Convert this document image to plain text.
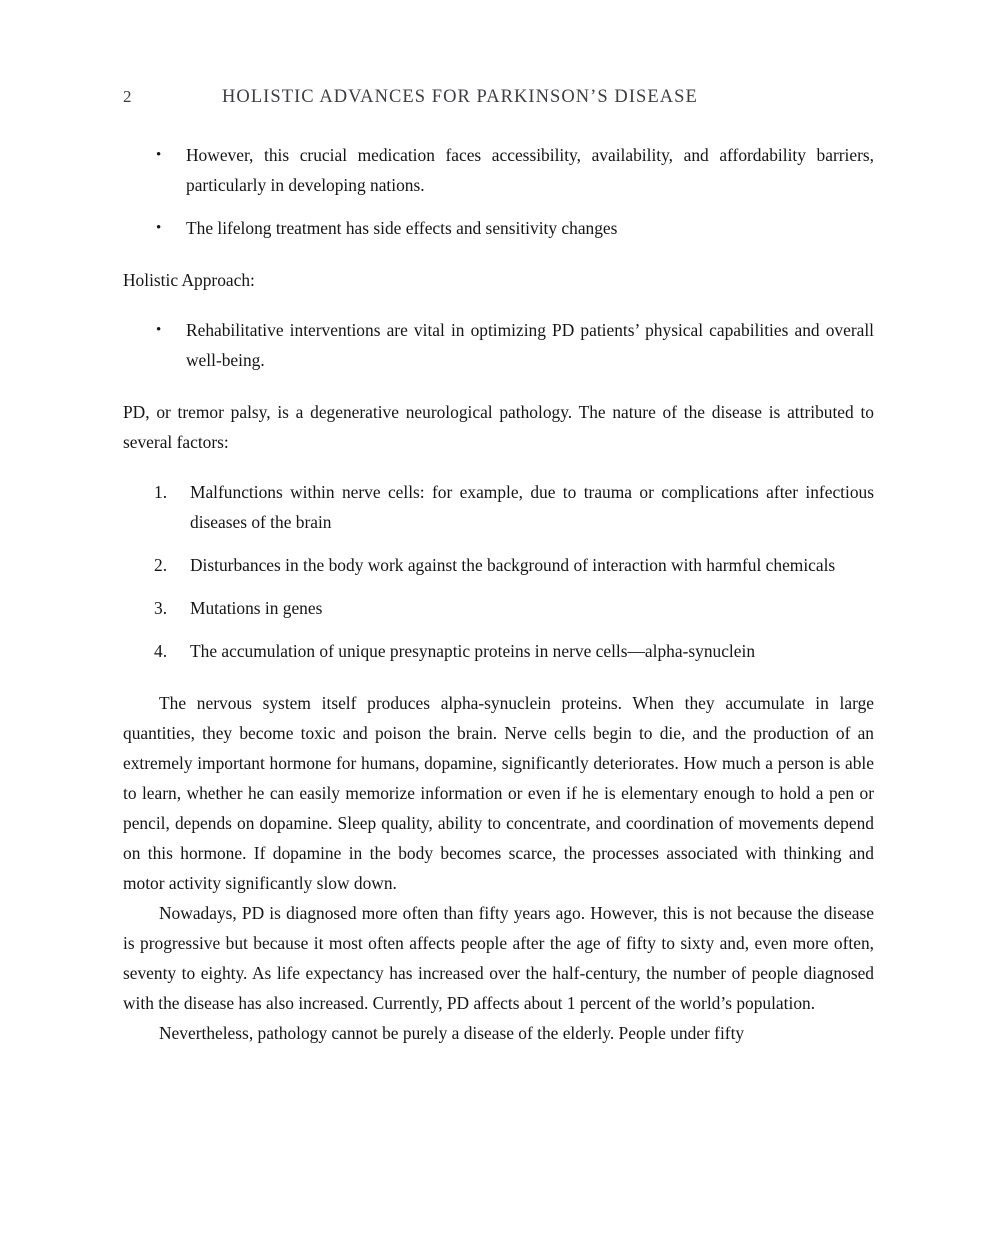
2	HOLISTIC ADVANCES FOR PARKINSON’S DISEASE
•	However, this crucial medication faces accessibility, availability, and affordability barriers, particularly in developing nations.
•	The lifelong treatment has side effects and sensitivity changes

Holistic Approach:

•	Rehabilitative interventions are vital in optimizing PD patients’ physical capabilities and overall well-being.

PD, or tremor palsy, is a degenerative neurological pathology. The nature of the disease is attributed to several factors:

1.	Malfunctions within nerve cells: for example, due to trauma or complications after infectious diseases of the brain
2.	Disturbances in the body work against the background of interaction with harmful chemicals
3.	Mutations in genes
4.	The accumulation of unique presynaptic proteins in nerve cells—alpha-synuclein

The nervous system itself produces alpha-synuclein proteins. When they accumulate in large quantities, they become toxic and poison the brain. Nerve cells begin to die, and the production of an extremely important hormone for humans, dopamine, significantly deteriorates. How much a person is able to learn, whether he can easily memorize information or even if he is elementary enough to hold a pen or pencil, depends on dopamine. Sleep quality, ability to concentrate, and coordination of movements depend on this hormone. If dopamine in the body becomes scarce, the processes associated with thinking and motor activity significantly slow down.

Nowadays, PD is diagnosed more often than fifty years ago. However, this is not because the disease is progressive but because it most often affects people after the age of fifty to sixty and, even more often, seventy to eighty. As life expectancy has increased over the half-century, the number of people diagnosed with the disease has also increased. Currently, PD affects about 1 percent of the world’s population.

Nevertheless, pathology cannot be purely a disease of the elderly. People under fifty
